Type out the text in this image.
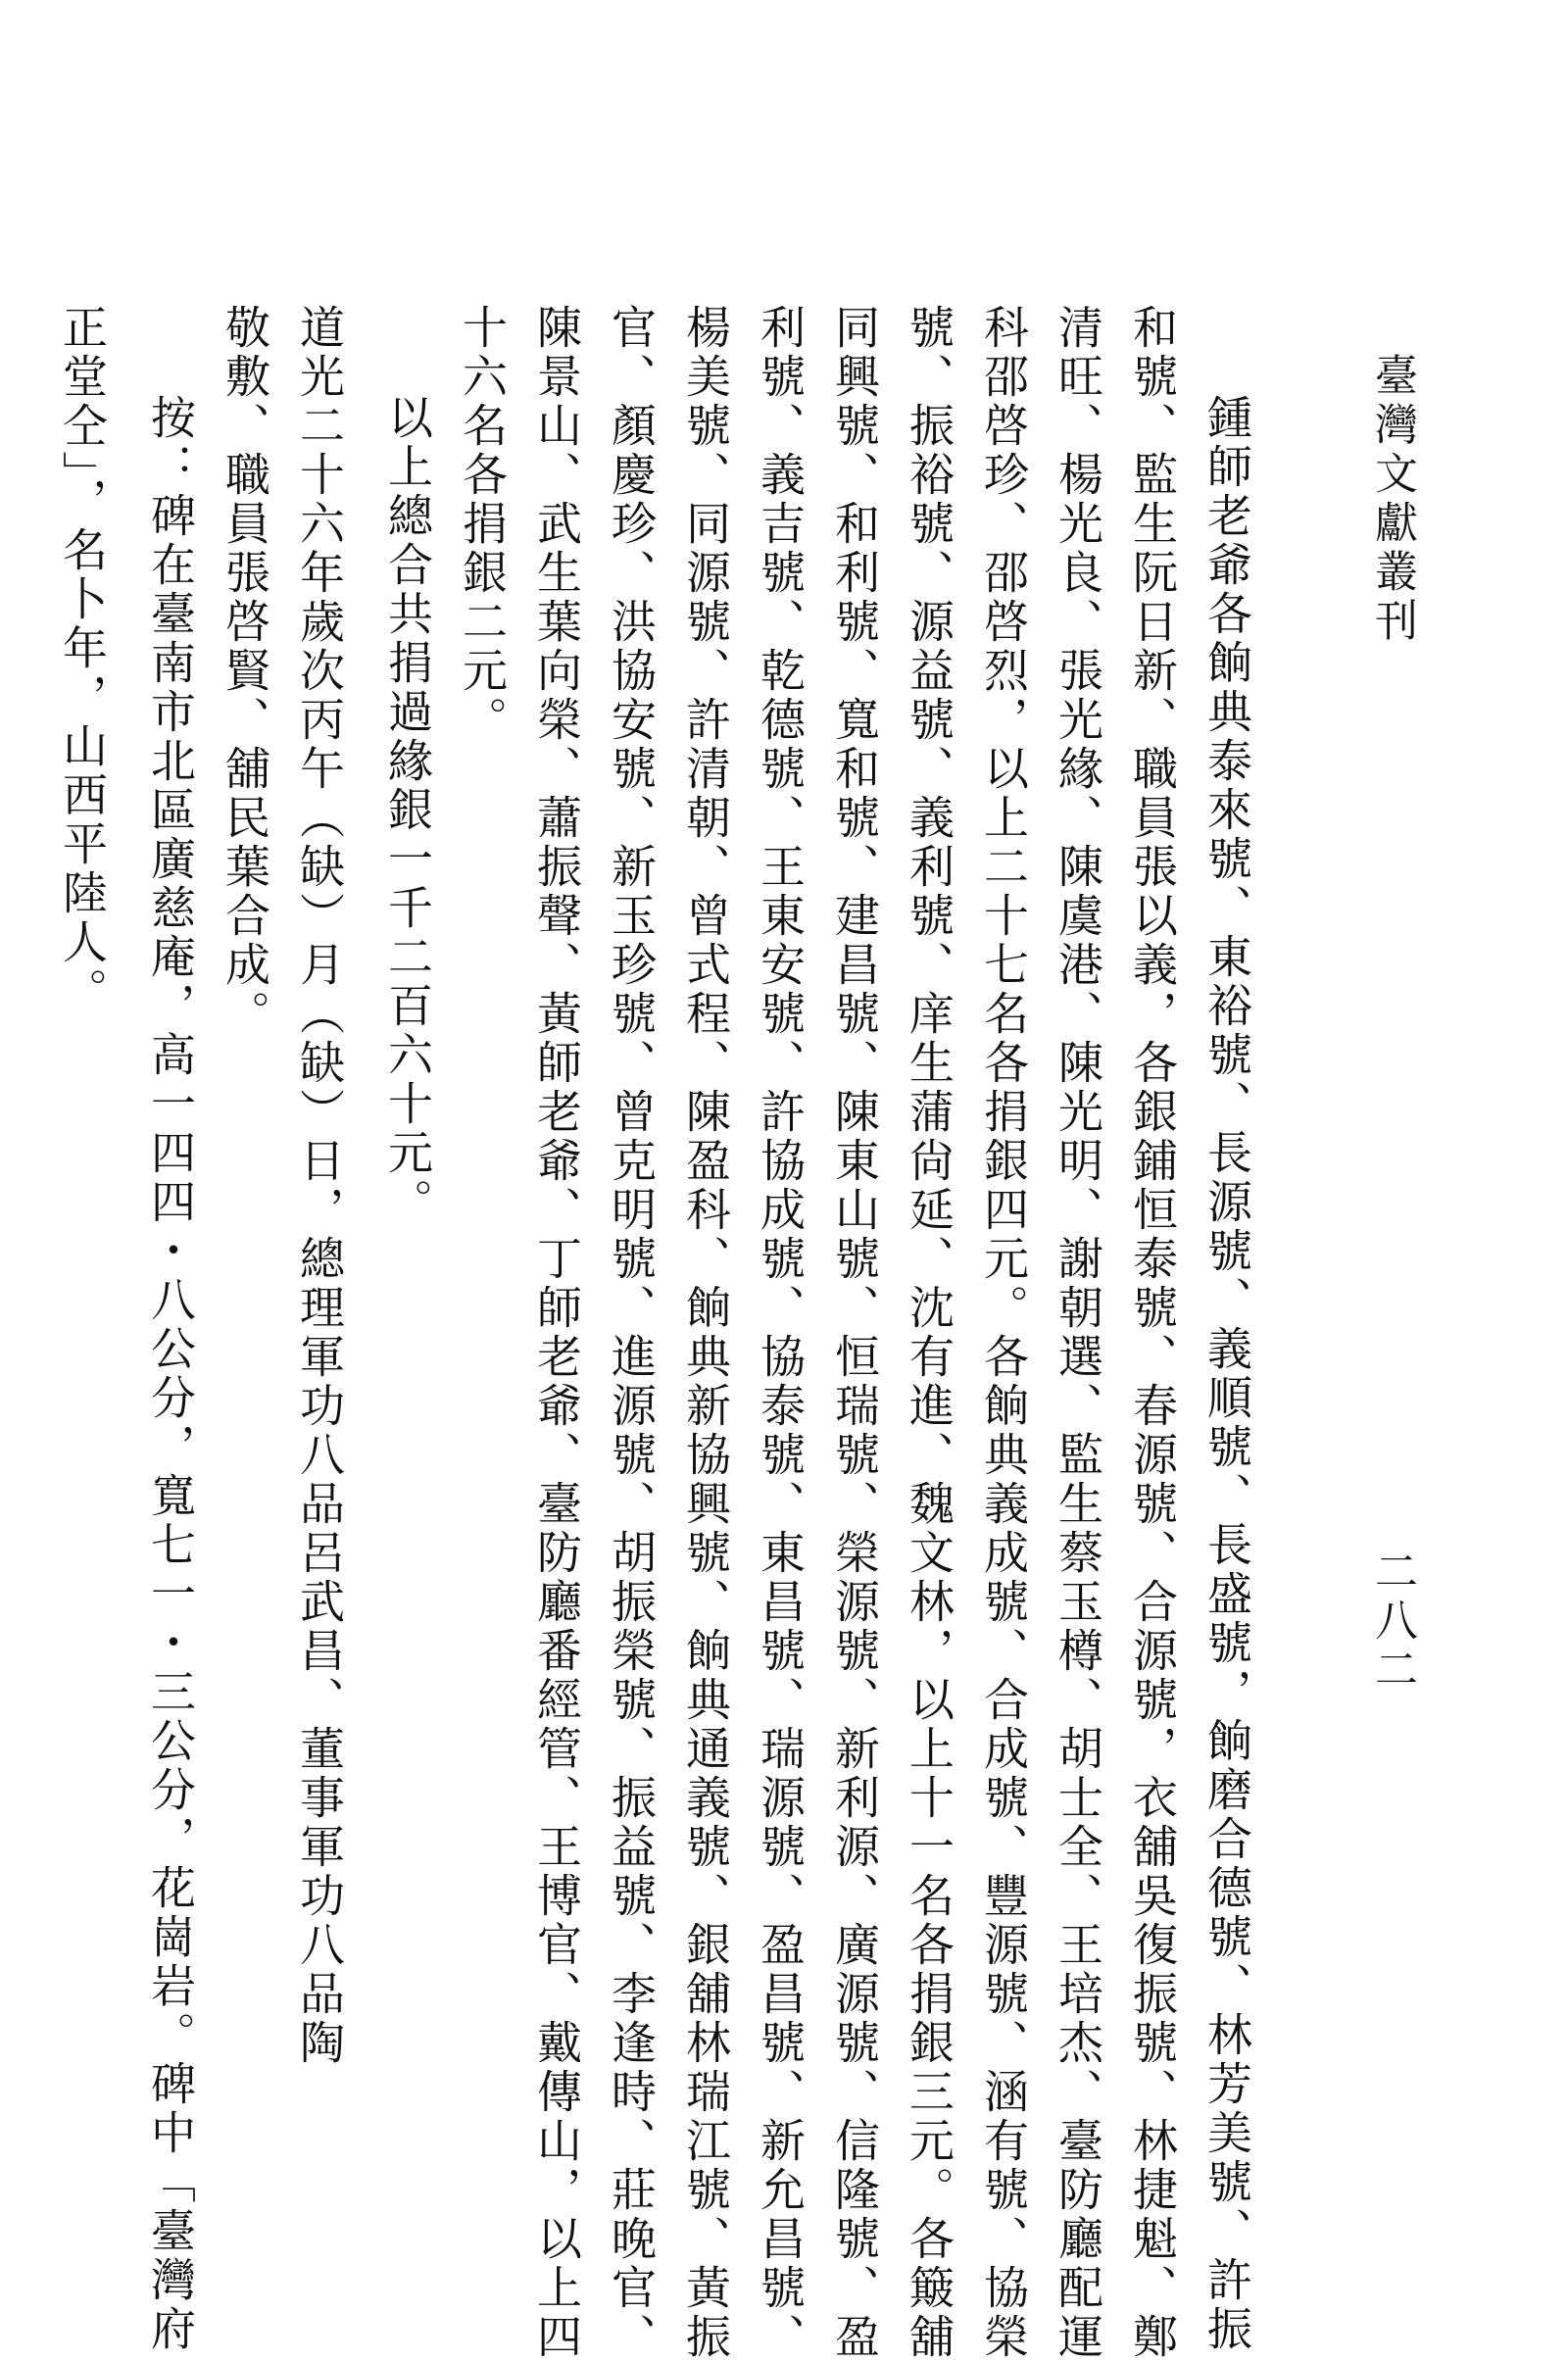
臺灣文獻叢刊
二八二
鍾師老爺各餉典泰來號、東裕號、長源號、義順號、長盛號，餉磨合德號、林芳美號、許振
和號、監生阮日新、職員張以義，各銀鋪恒泰號、春源號、合源號，衣舖吳復振號、林捷魁、鄭
清旺、楊光良、張光緣、陳虞港、陳光明、謝朝選、監生蔡玉樽、胡士全、王培杰、臺防廳配運
科邵啓珍、邵啓烈，以上二十七名各捐銀四元。各餉典義成號、合成號、豐源號、涵有號、協榮
號、振裕號、源益號、義利號、庠生蒲尙延、沈有進、魏文林，以上十一名各捐銀三元。各簸舖
同興號、和利號、寬和號、建昌號、陳東山號、恒瑞號、榮源號、新利源、廣源號、信隆號、盈
利號、義吉號、乾德號、王東安號、許協成號、協泰號、東昌號、瑞源號、盈昌號、新允昌號、
楊美號、同源號、許清朝、曾式程、陳盈科、餉典新協興號、餉典通義號、銀舖林瑞江號、黃振
官、顏慶珍、洪協安號、新玉珍號、曾克明號、進源號、胡振榮號、振益號、李逢時、莊晚官、
陳景山、武生葉向榮、蕭振聲、黃師老爺、丁師老爺、臺防廳番經管、王博官、戴傳山，以上四
十六名各捐銀二元。
以上總合共捐過緣銀一千二百六十元。
道光二十六年歲次丙午（缺）月（缺）日，總理軍功八品呂武昌、董事軍功八品陶
敬敷、職員張啓賢、舖民葉合成。
按：碑在臺南市北區廣慈庵，高一四四・八公分，寬七一・三公分，花崗岩。碑中「臺灣府
正堂仝」，名卜年，山西平陸人。
